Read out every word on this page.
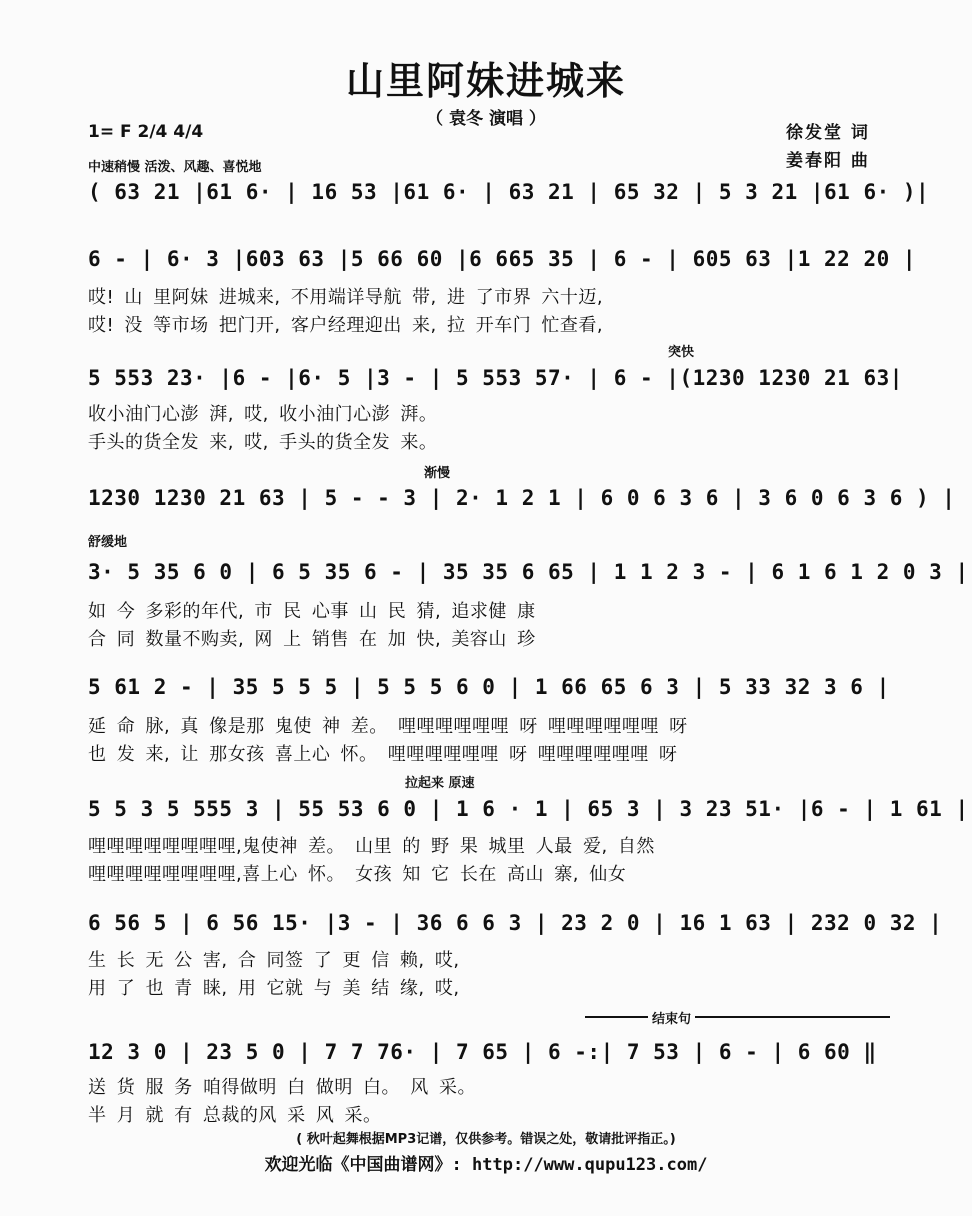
山里阿妹进城来
（ 袁冬 演唱 ）
徐发堂 词
姜春阳 曲
1= F 2/4 4/4
中速稍慢 活泼、风趣、喜悦地
( 63 21 |61 6· | 16 53 |61 6· | 63 21 | 65 32 | 5 3 21 |61 6· )|
6 - | 6· 3 |603 63 |5 66 60 |6 665 35 | 6 - | 605 63 |1 22 20 |
哎! 山 里阿妹 进城来, 不用端详导航 带, 进 了市界 六十迈,
哎! 没 等市场 把门开, 客户经理迎出 来, 拉 开车门 忙查看,
突快
5 553 23· |6 - |6· 5 |3 - | 5 553 57· | 6 - |(1230 1230 21 63|
收小油门心澎 湃, 哎, 收小油门心澎 湃。
手头的货全发 来, 哎, 手头的货全发 来。
渐慢
1230 1230 21 63 | 5 - - 3 | 2· 1 2 1 | 6 0 6 3 6 | 3 6 0 6 3 6 ) |
舒缓地
3· 5 35 6 0 | 6 5 35 6 - | 35 35 6 65 | 1 1 2 3 - | 6 1 6 1 2 0 3 |
如 今 多彩的年代, 市 民 心事 山 民 猜, 追求健 康
合 同 数量不购卖, 网 上 销售 在 加 快, 美容山 珍
5 61 2 - | 35 5 5 5 | 5 5 5 6 0 | 1 66 65 6 3 | 5 33 32 3 6 |
延 命 脉, 真 像是那 鬼使 神 差。 哩哩哩哩哩哩 呀 哩哩哩哩哩哩 呀
也 发 来, 让 那女孩 喜上心 怀。 哩哩哩哩哩哩 呀 哩哩哩哩哩哩 呀
拉起来 原速
5 5 3 5 555 3 | 55 53 6 0 | 1 6 · 1 | 65 3 | 3 23 51· |6 - | 1 61 |
哩哩哩哩哩哩哩哩,鬼使神 差。 山里 的 野 果 城里 人最 爱, 自然
哩哩哩哩哩哩哩哩,喜上心 怀。 女孩 知 它 长在 高山 寨, 仙女
6 56 5 | 6 56 15· |3 - | 36 6 6 3 | 23 2 0 | 16 1 63 | 232 0 32 |
生 长 无 公 害, 合 同签 了 更 信 赖, 哎,
用 了 也 青 睐, 用 它就 与 美 结 缘, 哎,
结束句
12 3 0 | 23 5 0 | 7 7 76· | 7 65 | 6 -:| 7 53 | 6 - | 6 60 ‖
送 货 服 务 咱得做明 白 做明 白。 风 采。
半 月 就 有 总裁的风 采 风 采。
( 秋叶起舞根据MP3记谱，仅供参考。错误之处，敬请批评指正。)
欢迎光临《中国曲谱网》: http://www.qupu123.com/
